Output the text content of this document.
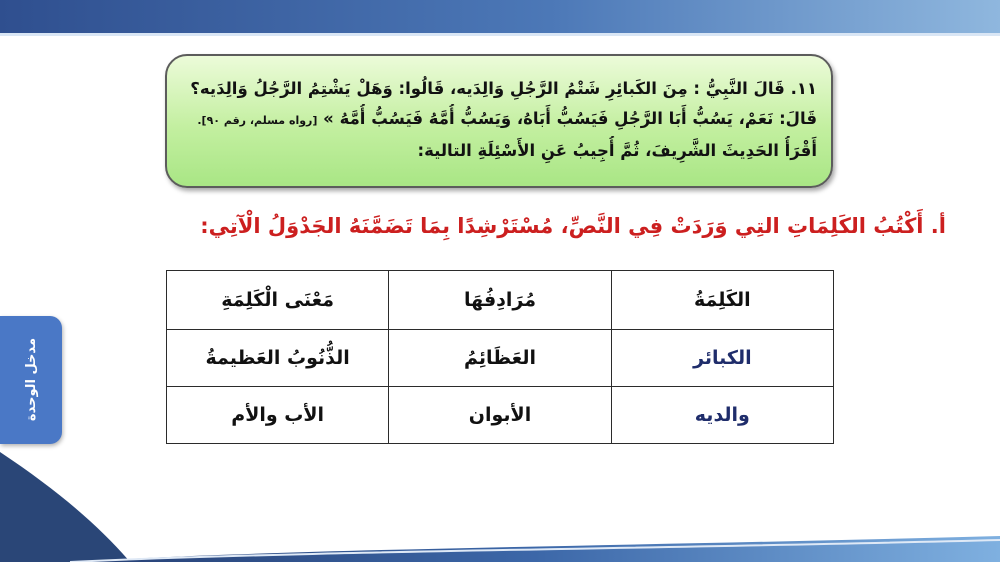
١١. قَالَ النَّبِيُّ : مِنَ الكَبائِرِ شَتْمُ الرَّجُلِ وَالِدَيه، قَالُوا: وَهَلْ يَشْتِمُ الرَّجُلُ وَالِدَيه؟
قَالَ: نَعَمْ، يَسُبُّ أَبَا الرَّجُلِ فَيَسُبُّ أَبَاهُ، وَيَسُبُّ أُمَّهُ فَيَسُبُّ أُمَّهُ » [رواه مسلم، رقم ٩٠].
أَقْرَأُ الحَدِيثَ الشَّرِيفَ، ثُمَّ أُجِيبُ عَنِ الأَسْئِلَةِ التالية:
أ. أَكْتُبُ الكَلِمَاتِ التِي وَرَدَتْ فِي النَّصِّ، مُسْتَرْشِدًا بِمَا تَضَمَّنَهُ الجَدْوَلُ الْآتِي:
الكَلِمَةُ	مُرَادِفُهَا	مَعْنَى الْكَلِمَةِ
الكبائر	العَظَائِمُ	الذُّنُوبُ العَظيمةُ
والديه	الأبوان	الأب والأم
مدخل الوحدة
